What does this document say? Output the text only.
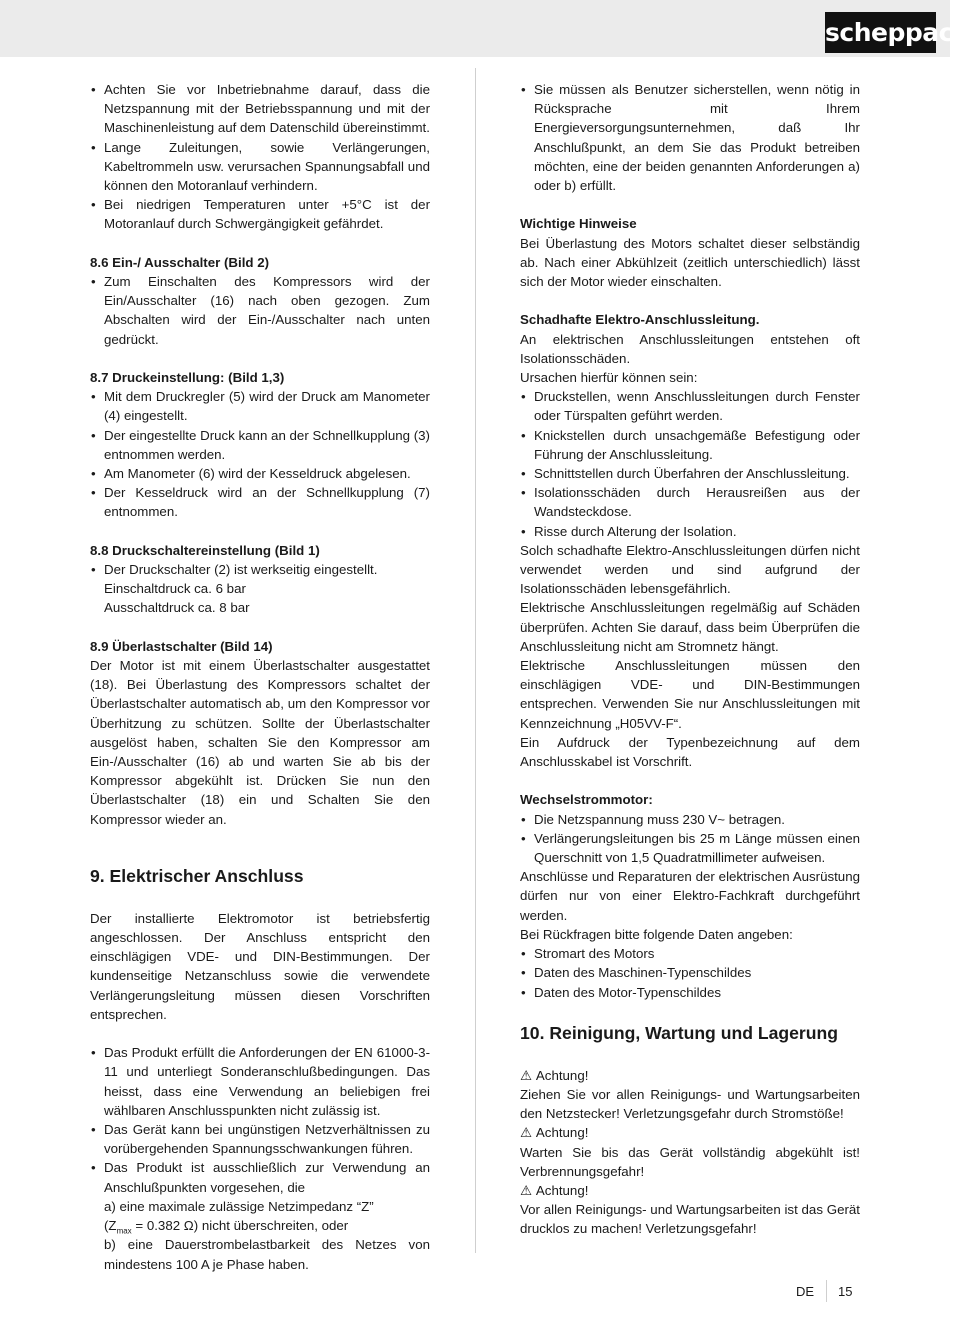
scheppach
• Achten Sie vor Inbetriebnahme darauf, dass die Netzspannung mit der Betriebsspannung und mit der Maschinenleistung auf dem Datenschild übereinstimmt.
• Lange Zuleitungen, sowie Verlängerungen, Kabeltrommeln usw. verursachen Spannungsabfall und können den Motoranlauf verhindern.
• Bei niedrigen Temperaturen unter +5°C ist der Motoranlauf durch Schwergängigkeit gefährdet.
8.6 Ein-/ Ausschalter (Bild 2)
• Zum Einschalten des Kompressors wird der Ein/Ausschalter (16) nach oben gezogen. Zum Abschalten wird der Ein-/Ausschalter nach unten gedrückt.
8.7 Druckeinstellung: (Bild 1,3)
• Mit dem Druckregler (5) wird der Druck am Manometer (4) eingestellt.
• Der eingestellte Druck kann an der Schnellkupplung (3) entnommen werden.
• Am Manometer (6) wird der Kesseldruck abgelesen.
• Der Kesseldruck wird an der Schnellkupplung (7) entnommen.
8.8 Druckschaltereinstellung (Bild 1)
• Der Druckschalter (2) ist werkseitig eingestellt.
Einschaltdruck ca. 6 bar
Ausschaltdruck ca. 8 bar
8.9 Überlastschalter (Bild 14)

Der Motor ist mit einem Überlastschalter ausgestattet (18). Bei Überlastung des Kompressors schaltet der Überlastschalter automatisch ab, um den Kompressor vor Überhitzung zu schützen. Sollte der Überlastschalter ausgelöst haben, schalten Sie den Kompressor am Ein-/Ausschalter (16) ab und warten Sie ab bis der Kompressor abgekühlt ist. Drücken Sie nun den Überlastschalter (18) ein und Schalten Sie den Kompressor wieder an.

9. Elektrischer Anschluss

Der installierte Elektromotor ist betriebsfertig angeschlossen. Der Anschluss entspricht den einschlägigen VDE- und DIN-Bestimmungen. Der kundenseitige Netzanschluss sowie die verwendete Verlängerungsleitung müssen diesen Vorschriften entsprechen.

• Das Produkt erfüllt die Anforderungen der EN 61000-3-11 und unterliegt Sonderanschlußbedingungen. Das heisst, dass eine Verwendung an beliebigen frei wählbaren Anschlusspunkten nicht zulässig ist.
• Das Gerät kann bei ungünstigen Netzverhältnissen zu vorübergehenden Spannungsschwankungen führen.
• Das Produkt ist ausschließlich zur Verwendung an Anschlußpunkten vorgesehen, die
a) eine maximale zulässige Netzimpedanz “Z”
($Z_{max} = 0.382$ Ω) nicht überschreiten, oder
b) eine Dauerstrombelastbarkeit des Netzes von mindestens 100 A je Phase haben.
• Sie müssen als Benutzer sicherstellen, wenn nötig in Rücksprache mit Ihrem Energieversorgungsunternehmen, daß Ihr Anschlußpunkt, an dem Sie das Produkt betreiben möchten, eine der beiden genannten Anforderungen a) oder b) erfüllt.
Wichtige Hinweise

Bei Überlastung des Motors schaltet dieser selbständig ab. Nach einer Abkühlzeit (zeitlich unterschiedlich) lässt sich der Motor wieder einschalten.

Schadhafte Elektro-Anschlussleitung.

An elektrischen Anschlussleitungen entstehen oft Isolationsschäden.

Ursachen hierfür können sein:

• Druckstellen, wenn Anschlussleitungen durch Fenster oder Türspalten geführt werden.
• Knickstellen durch unsachgemäße Befestigung oder Führung der Anschlussleitung.
• Schnittstellen durch Überfahren der Anschlussleitung.
• Isolationsschäden durch Herausreißen aus der Wandsteckdose.
• Risse durch Alterung der Isolation.

Solch schadhafte Elektro-Anschlussleitungen dürfen nicht verwendet werden und sind aufgrund der Isolationsschäden lebensgefährlich.

Elektrische Anschlussleitungen regelmäßig auf Schäden überprüfen. Achten Sie darauf, dass beim Überprüfen die Anschlussleitung nicht am Stromnetz hängt.

Elektrische Anschlussleitungen müssen den einschlägigen VDE- und DIN-Bestimmungen entsprechen. Verwenden Sie nur Anschlussleitungen mit Kennzeichnung „H05VV-F“.

Ein Aufdruck der Typenbezeichnung auf dem Anschlusskabel ist Vorschrift.

Wechselstrommotor:
• Die Netzspannung muss 230 V~ betragen.
• Verlängerungsleitungen bis 25 m Länge müssen einen Querschnitt von 1,5 Quadratmillimeter aufweisen.

Anschlüsse und Reparaturen der elektrischen Ausrüstung dürfen nur von einer Elektro-Fachkraft durchgeführt werden.

Bei Rückfragen bitte folgende Daten angeben:

• Stromart des Motors
• Daten des Maschinen-Typenschildes
• Daten des Motor-Typenschildes
10. Reinigung, Wartung und Lagerung
⚠ Achtung!

Ziehen Sie vor allen Reinigungs- und Wartungsarbeiten den Netzstecker! Verletzungsgefahr durch Stromstöße!

⚠ Achtung!

Warten Sie bis das Gerät vollständig abgekühlt ist! Verbrennungsgefahr!

⚠ Achtung!

Vor allen Reinigungs- und Wartungsarbeiten ist das Gerät drucklos zu machen! Verletzungsgefahr!

DE 15
